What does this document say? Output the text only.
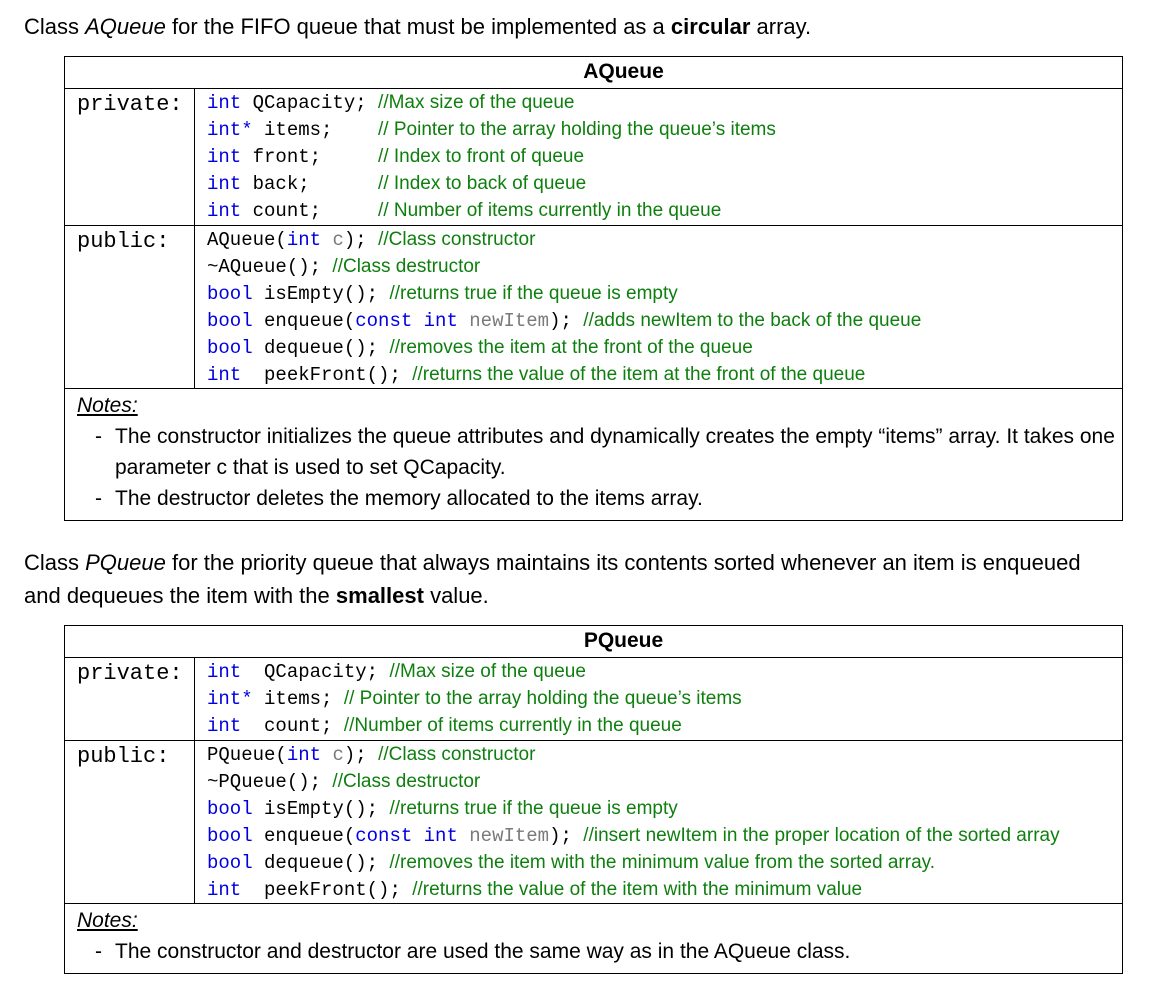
Class AQueue for the FIFO queue that must be implemented as a circular array.
AQueue
private:	int QCapacity; //Max size of the queue
int* items;    // Pointer to the array holding the queue’s items
int front;     // Index to front of queue
int back;      // Index to back of queue
int count;     // Number of items currently in the queue
public:	AQueue(int c); //Class constructor
~AQueue(); //Class destructor
bool isEmpty(); //returns true if the queue is empty
bool enqueue(const int newItem); //adds newItem to the back of the queue
bool dequeue(); //removes the item at the front of the queue
int  peekFront(); //returns the value of the item at the front of the queue
Notes:
- The constructor initializes the queue attributes and dynamically creates the empty “items” array. It takes one parameter c that is used to set QCapacity.
- The destructor deletes the memory allocated to the items array.
Class PQueue for the priority queue that always maintains its contents sorted whenever an item is enqueued and dequeues the item with the smallest value.
PQueue
private:	int  QCapacity; //Max size of the queue
int* items; // Pointer to the array holding the queue’s items
int  count; //Number of items currently in the queue
public:	PQueue(int c); //Class constructor
~PQueue(); //Class destructor
bool isEmpty(); //returns true if the queue is empty
bool enqueue(const int newItem); //insert newItem in the proper location of the sorted array
bool dequeue(); //removes the item with the minimum value from the sorted array.
int  peekFront(); //returns the value of the item with the minimum value
Notes:
- The constructor and destructor are used the same way as in the AQueue class.
